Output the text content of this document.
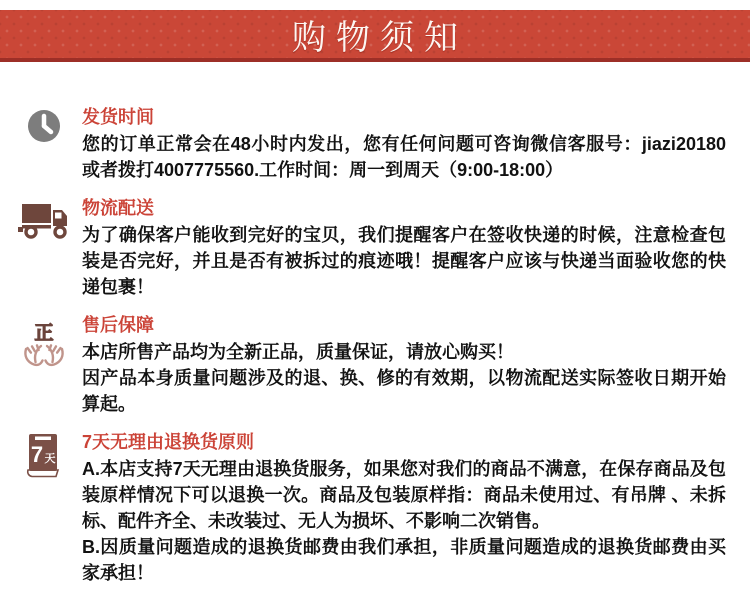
购物须知
发货时间

您的订单正常会在48小时内发出，您有任何问题可咨询微信客服号：jiazi20180或者拨打4007775560.工作时间：周一到周天（9:00-18:00）

物流配送

为了确保客户能收到完好的宝贝，我们提醒客户在签收快递的时候，注意检查包装是否完好，并且是否有被拆过的痕迹哦！提醒客户应该与快递当面验收您的快递包裹！

正 售后保障

本店所售产品均为全新正品，质量保证，请放心购买！

因产品本身质量问题涉及的退、换、修的有效期，以物流配送实际签收日期开始算起。

7 天
7天无理由退换货原则

A.本店支持7天无理由退换货服务，如果您对我们的商品不满意，在保存商品及包装原样情况下可以退换一次。商品及包装原样指：商品未使用过、有吊牌 、未拆标、配件齐全、未改装过、无人为损坏、不影响二次销售。

B.因质量问题造成的退换货邮费由我们承担，非质量问题造成的退换货邮费由买家承担！
